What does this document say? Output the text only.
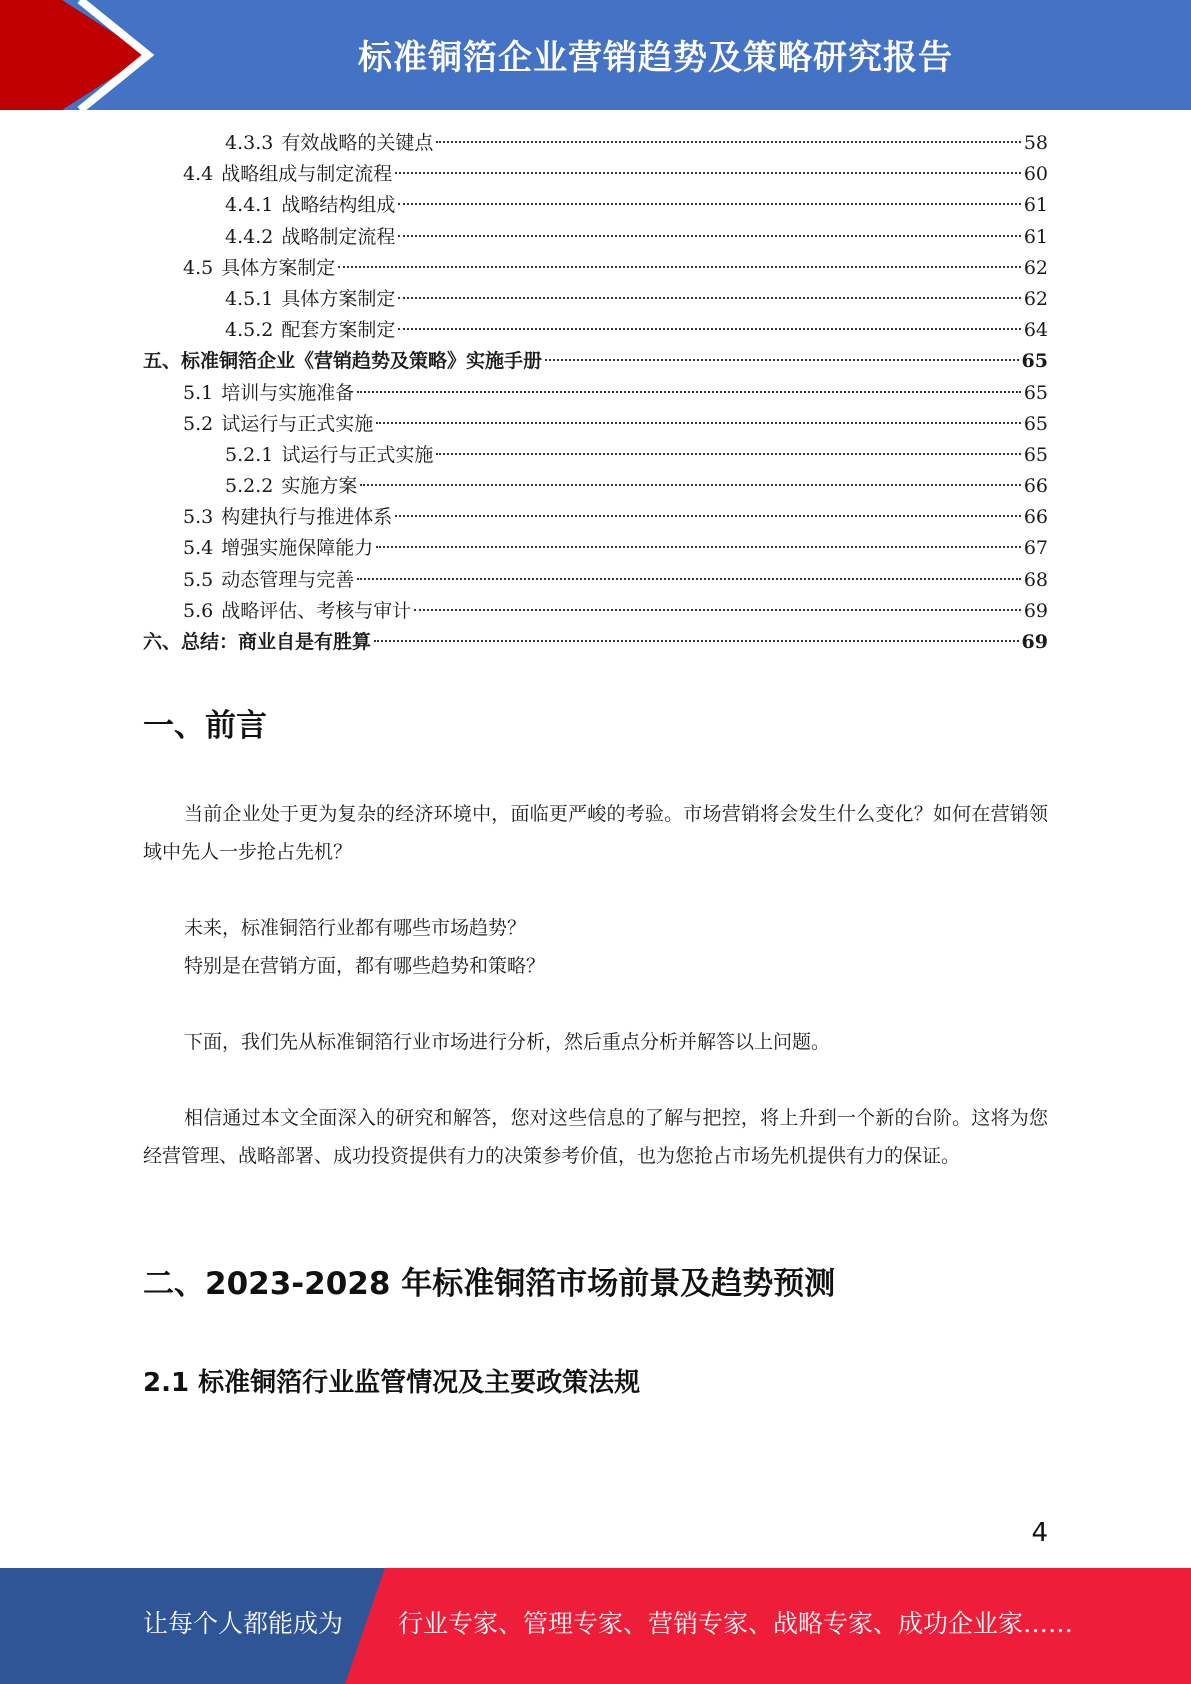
标准铜箔企业营销趋势及策略研究报告
4.3.3 有效战略的关键点	58
4.4 战略组成与制定流程	60
4.4.1 战略结构组成	61
4.4.2 战略制定流程	61
4.5 具体方案制定	62
4.5.1 具体方案制定	62
4.5.2 配套方案制定	64
五、标准铜箔企业《营销趋势及策略》实施手册	65
5.1 培训与实施准备	65
5.2 试运行与正式实施	65
5.2.1 试运行与正式实施	65
5.2.2 实施方案	66
5.3 构建执行与推进体系	66
5.4 增强实施保障能力	67
5.5 动态管理与完善	68
5.6 战略评估、考核与审计	69
六、总结：商业自是有胜算	69
一、前言

当前企业处于更为复杂的经济环境中，面临更严峻的考验。市场营销将会发生什么变化？如何在营销领域中先人一步抢占先机？

未来，标准铜箔行业都有哪些市场趋势？

特别是在营销方面，都有哪些趋势和策略？

下面，我们先从标准铜箔行业市场进行分析，然后重点分析并解答以上问题。

相信通过本文全面深入的研究和解答，您对这些信息的了解与把控，将上升到一个新的台阶。这将为您经营管理、战略部署、成功投资提供有力的决策参考价值，也为您抢占市场先机提供有力的保证。

二、2023-2028 年标准铜箔市场前景及趋势预测
2.1 标准铜箔行业监管情况及主要政策法规
4
让每个人都能成为 行业专家、管理专家、营销专家、战略专家、成功企业家……
